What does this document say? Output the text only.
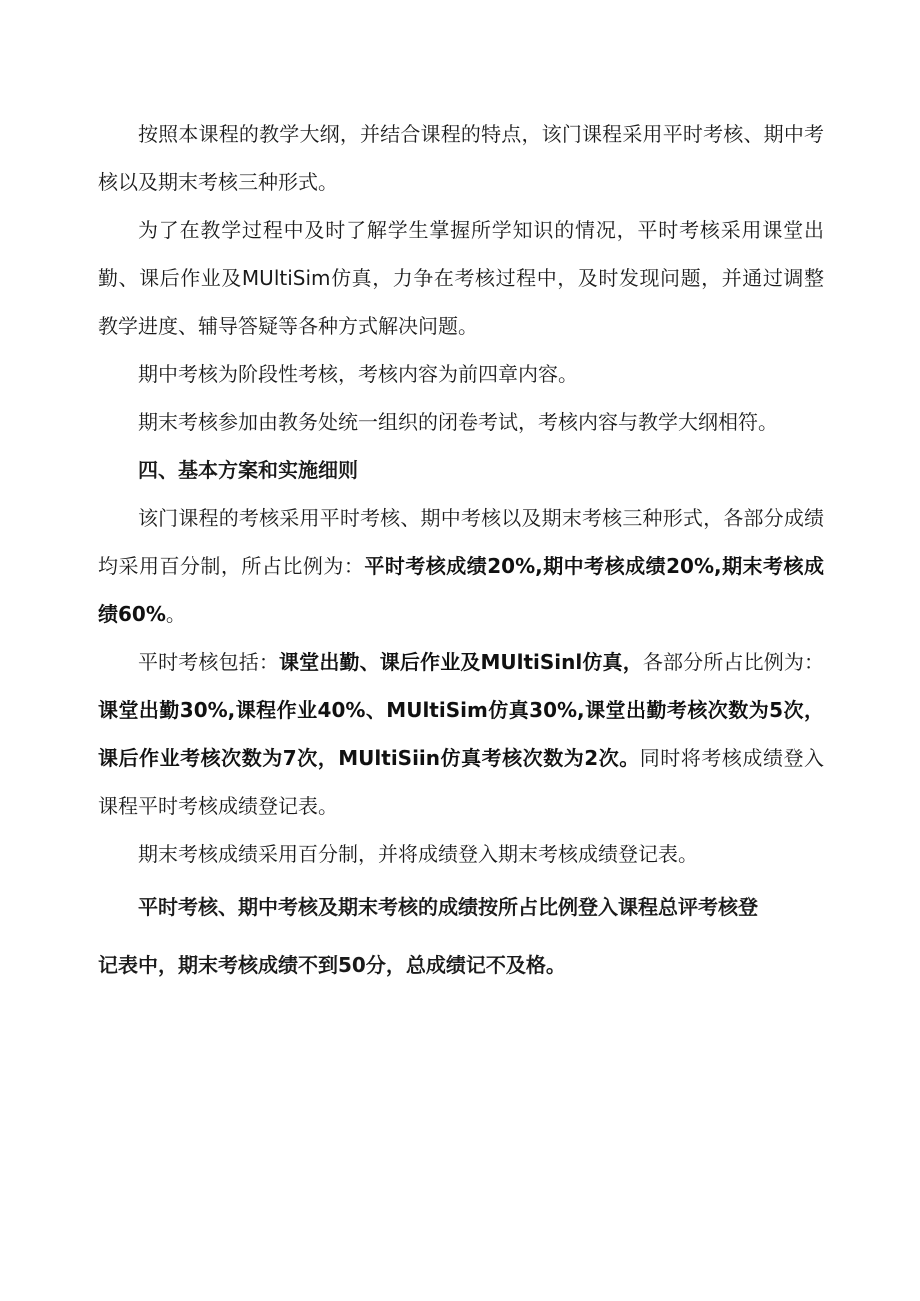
按照本课程的教学大纲，并结合课程的特点，该门课程采用平时考核、期中考核以及期末考核三种形式。

为了在教学过程中及时了解学生掌握所学知识的情况，平时考核采用课堂出勤、课后作业及MUltiSim仿真，力争在考核过程中，及时发现问题，并通过调整教学进度、辅导答疑等各种方式解决问题。

期中考核为阶段性考核，考核内容为前四章内容。

期末考核参加由教务处统一组织的闭卷考试，考核内容与教学大纲相符。

四、基本方案和实施细则

该门课程的考核采用平时考核、期中考核以及期末考核三种形式，各部分成绩均采用百分制，所占比例为：平时考核成绩20%,期中考核成绩20%,期末考核成绩60%。

平时考核包括：课堂出勤、课后作业及MUltiSinl仿真，各部分所占比例为：课堂出勤30%,课程作业40%、MUltiSim仿真30%,课堂出勤考核次数为5次，课后作业考核次数为7次，MUltiSiin仿真考核次数为2次。同时将考核成绩登入课程平时考核成绩登记表。

期末考核成绩采用百分制，并将成绩登入期末考核成绩登记表。

平时考核、期中考核及期末考核的成绩按所占比例登入课程总评考核登
记表中，期末考核成绩不到50分，总成绩记不及格。
